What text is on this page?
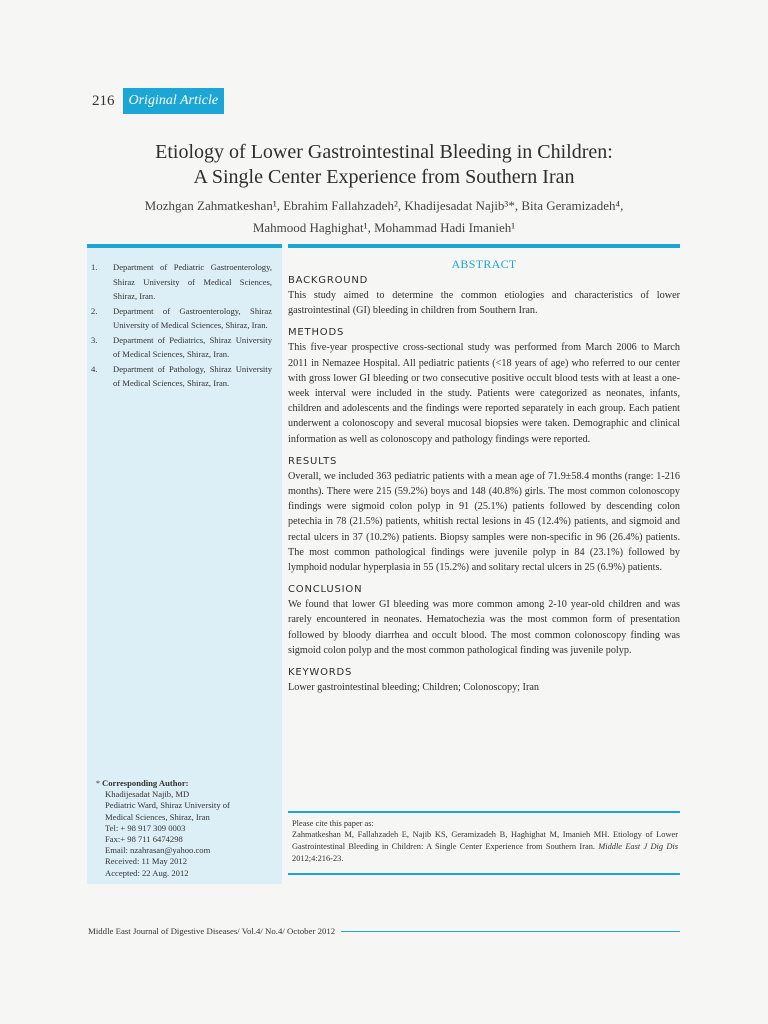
216	Original Article
Etiology of Lower Gastrointestinal Bleeding in Children:
A Single Center Experience from Southern Iran
Mozhgan Zahmatkeshan¹, Ebrahim Fallahzadeh², Khadijesadat Najib³*, Bita Geramizadeh⁴,
Mahmood Haghighat¹, Mohammad Hadi Imanieh¹
1.	Department of Pediatric Gastroenterology, Shiraz University of Medical Sciences, Shiraz, Iran.
2.	Department of Gastroenterology, Shiraz University of Medical Sciences, Shiraz, Iran.
3.	Department of Pediatrics, Shiraz University of Medical Sciences, Shiraz, Iran.
4.	Department of Pathology, Shiraz University of Medical Sciences, Shiraz, Iran.
* Corresponding Author:
Khadijesadat Najib, MD
Pediatric Ward, Shiraz University of
Medical Sciences, Shiraz, Iran
Tel: + 98 917 309 0003
Fax:+ 98 711 6474298
Email: nzahrasan@yahoo.com
Received: 11 May 2012
Accepted: 22 Aug. 2012
ABSTRACT
BACKGROUND

This study aimed to determine the common etiologies and characteristics of lower gastrointestinal (GI) bleeding in children from Southern Iran.

METHODS

This five-year prospective cross-sectional study was performed from March 2006 to March 2011 in Nemazee Hospital. All pediatric patients (<18 years of age) who referred to our center with gross lower GI bleeding or two consecutive positive occult blood tests with at least a one-week interval were included in the study. Patients were categorized as neonates, infants, children and adolescents and the findings were reported separately in each group. Each patient underwent a colonoscopy and several mucosal biopsies were taken. Demographic and clinical information as well as colonoscopy and pathology findings were reported.

RESULTS

Overall, we included 363 pediatric patients with a mean age of 71.9±58.4 months (range: 1-216 months). There were 215 (59.2%) boys and 148 (40.8%) girls. The most common colonoscopy findings were sigmoid colon polyp in 91 (25.1%) patients followed by descending colon petechia in 78 (21.5%) patients, whitish rectal lesions in 45 (12.4%) patients, and sigmoid and rectal ulcers in 37 (10.2%) patients. Biopsy samples were non-specific in 96 (26.4%) patients. The most common pathological findings were juvenile polyp in 84 (23.1%) followed by lymphoid nodular hyperplasia in 55 (15.2%) and solitary rectal ulcers in 25 (6.9%) patients.

CONCLUSION

We found that lower GI bleeding was more common among 2-10 year-old children and was rarely encountered in neonates. Hematochezia was the most common form of presentation followed by bloody diarrhea and occult blood. The most common colonoscopy finding was sigmoid colon polyp and the most common pathological finding was juvenile polyp.

KEYWORDS

Lower gastrointestinal bleeding; Children; Colonoscopy; Iran

Please cite this paper as:
Zahmatkeshan M, Fallahzadeh E, Najib KS, Geramizadeh B, Haghighat M, Imanieh MH. Etiology of Lower Gastrointestinal Bleeding in Children: A Single Center Experience from Southern Iran. Middle East J Dig Dis 2012;4:216-23.
Middle East Journal of Digestive Diseases/ Vol.4/ No.4/ October 2012
